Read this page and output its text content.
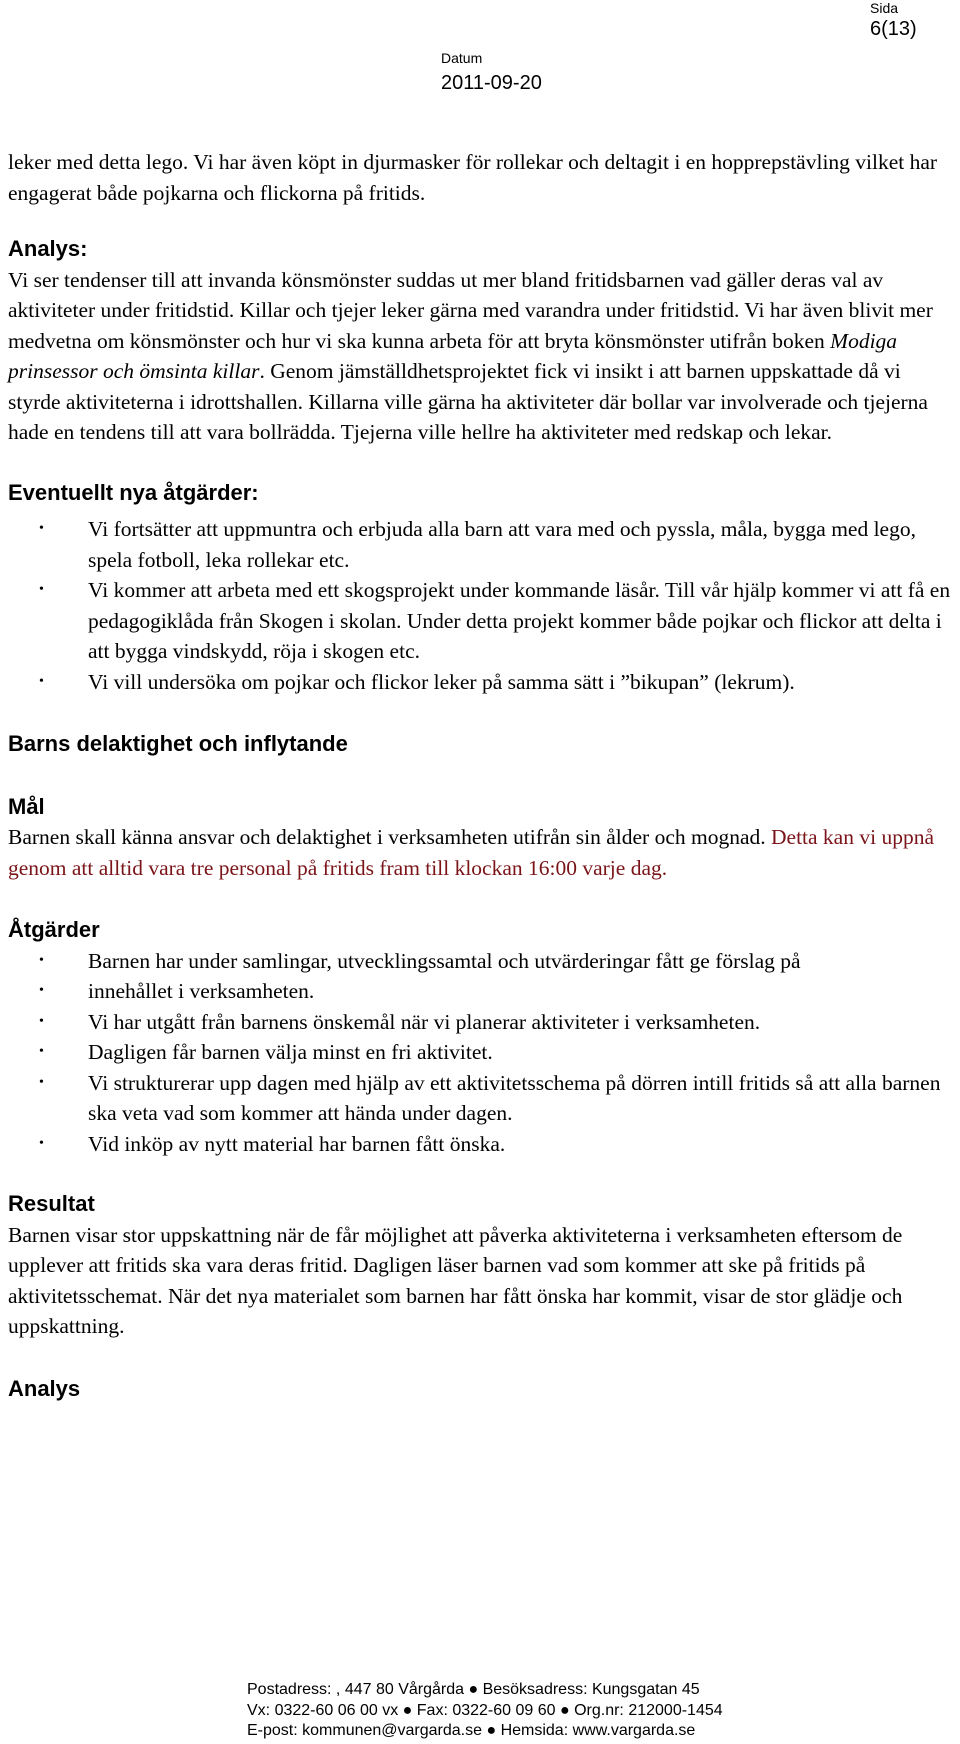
Sida
6(13)
Datum
2011-09-20

leker med detta lego. Vi har även köpt in djurmasker för rollekar och deltagit i en hopprepstävling vilket har engagerat både pojkarna och flickorna på fritids.

Analys:

Vi ser tendenser till att invanda könsmönster suddas ut mer bland fritidsbarnen vad gäller deras val av aktiviteter under fritidstid. Killar och tjejer leker gärna med varandra under fritidstid. Vi har även blivit mer medvetna om könsmönster och hur vi ska kunna arbeta för att bryta könsmönster utifrån boken Modiga prinsessor och ömsinta killar. Genom jämställdhetsprojektet fick vi insikt i att barnen uppskattade då vi styrde aktiviteterna i idrottshallen. Killarna ville gärna ha aktiviteter där bollar var involverade och tjejerna hade en tendens till att vara bollrädda. Tjejerna ville hellre ha aktiviteter med redskap och lekar.

Eventuellt nya åtgärder:

• Vi fortsätter att uppmuntra och erbjuda alla barn att vara med och pyssla, måla, bygga med lego, spela fotboll, leka rollekar etc.
• Vi kommer att arbeta med ett skogsprojekt under kommande läsår. Till vår hjälp kommer vi att få en pedagogiklåda från Skogen i skolan. Under detta projekt kommer både pojkar och flickor att delta i att bygga vindskydd, röja i skogen etc.
• Vi vill undersöka om pojkar och flickor leker på samma sätt i ”bikupan” (lekrum).

Barns delaktighet och inflytande

Mål

Barnen skall känna ansvar och delaktighet i verksamheten utifrån sin ålder och mognad. Detta kan vi uppnå genom att alltid vara tre personal på fritids fram till klockan 16:00 varje dag.

Åtgärder

• Barnen har under samlingar, utvecklingssamtal och utvärderingar fått ge förslag på
• innehållet i verksamheten.
• Vi har utgått från barnens önskemål när vi planerar aktiviteter i verksamheten.
• Dagligen får barnen välja minst en fri aktivitet.
• Vi strukturerar upp dagen med hjälp av ett aktivitetsschema på dörren intill fritids så att alla barnen ska veta vad som kommer att hända under dagen.
• Vid inköp av nytt material har barnen fått önska.

Resultat

Barnen visar stor uppskattning när de får möjlighet att påverka aktiviteterna i verksamheten eftersom de upplever att fritids ska vara deras fritid. Dagligen läser barnen vad som kommer att ske på fritids på aktivitetsschemat. När det nya materialet som barnen har fått önska har kommit, visar de stor glädje och uppskattning.

Analys

Postadress: , 447 80 Vårgårda ● Besöksadress: Kungsgatan 45
Vx: 0322-60 06 00 vx ● Fax: 0322-60 09 60 ● Org.nr: 212000-1454
E-post: kommunen@vargarda.se ● Hemsida: www.vargarda.se
